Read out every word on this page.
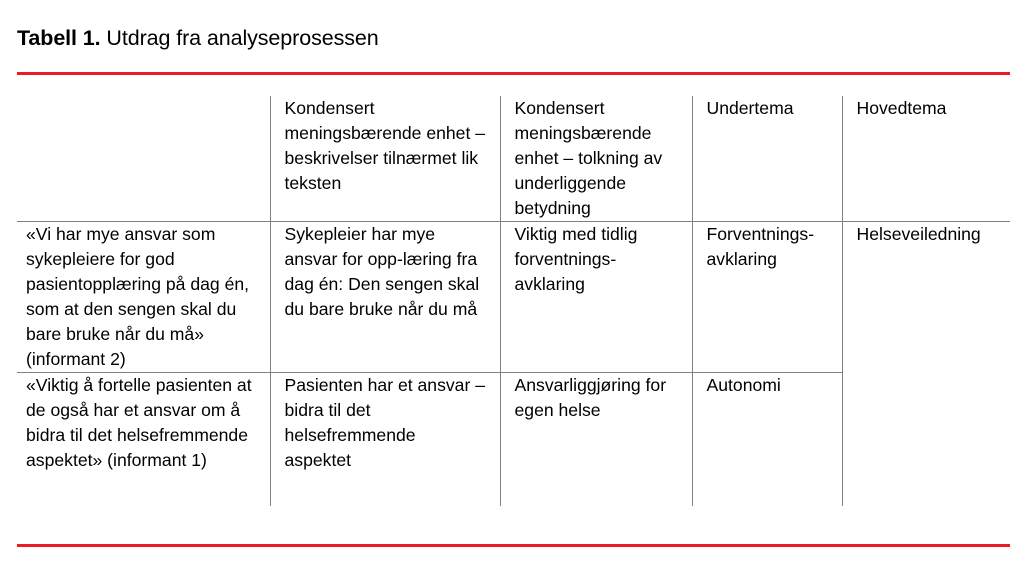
Tabell 1. Utdrag fra analyseprosessen
	Kondensert meningsbærende enhet – beskrivelser tilnærmet lik teksten	Kondensert meningsbærende enhet – tolkning av underliggende betydning	Undertema	Hovedtema
«Vi har mye ansvar som sykepleiere for god pasientopplæring på dag én, som at den sengen skal du bare bruke når du må» (informant 2)	Sykepleier har mye ansvar for opp-læring fra dag én: Den sengen skal du bare bruke når du må	Viktig med tidlig forventnings-avklaring	Forventnings-avklaring	Helseveiledning
«Viktig å fortelle pasienten at de også har et ansvar om å bidra til det helsefremmende aspektet» (informant 1)	Pasienten har et ansvar – bidra til det helsefremmende aspektet	Ansvarliggjøring for egen helse	Autonomi	
